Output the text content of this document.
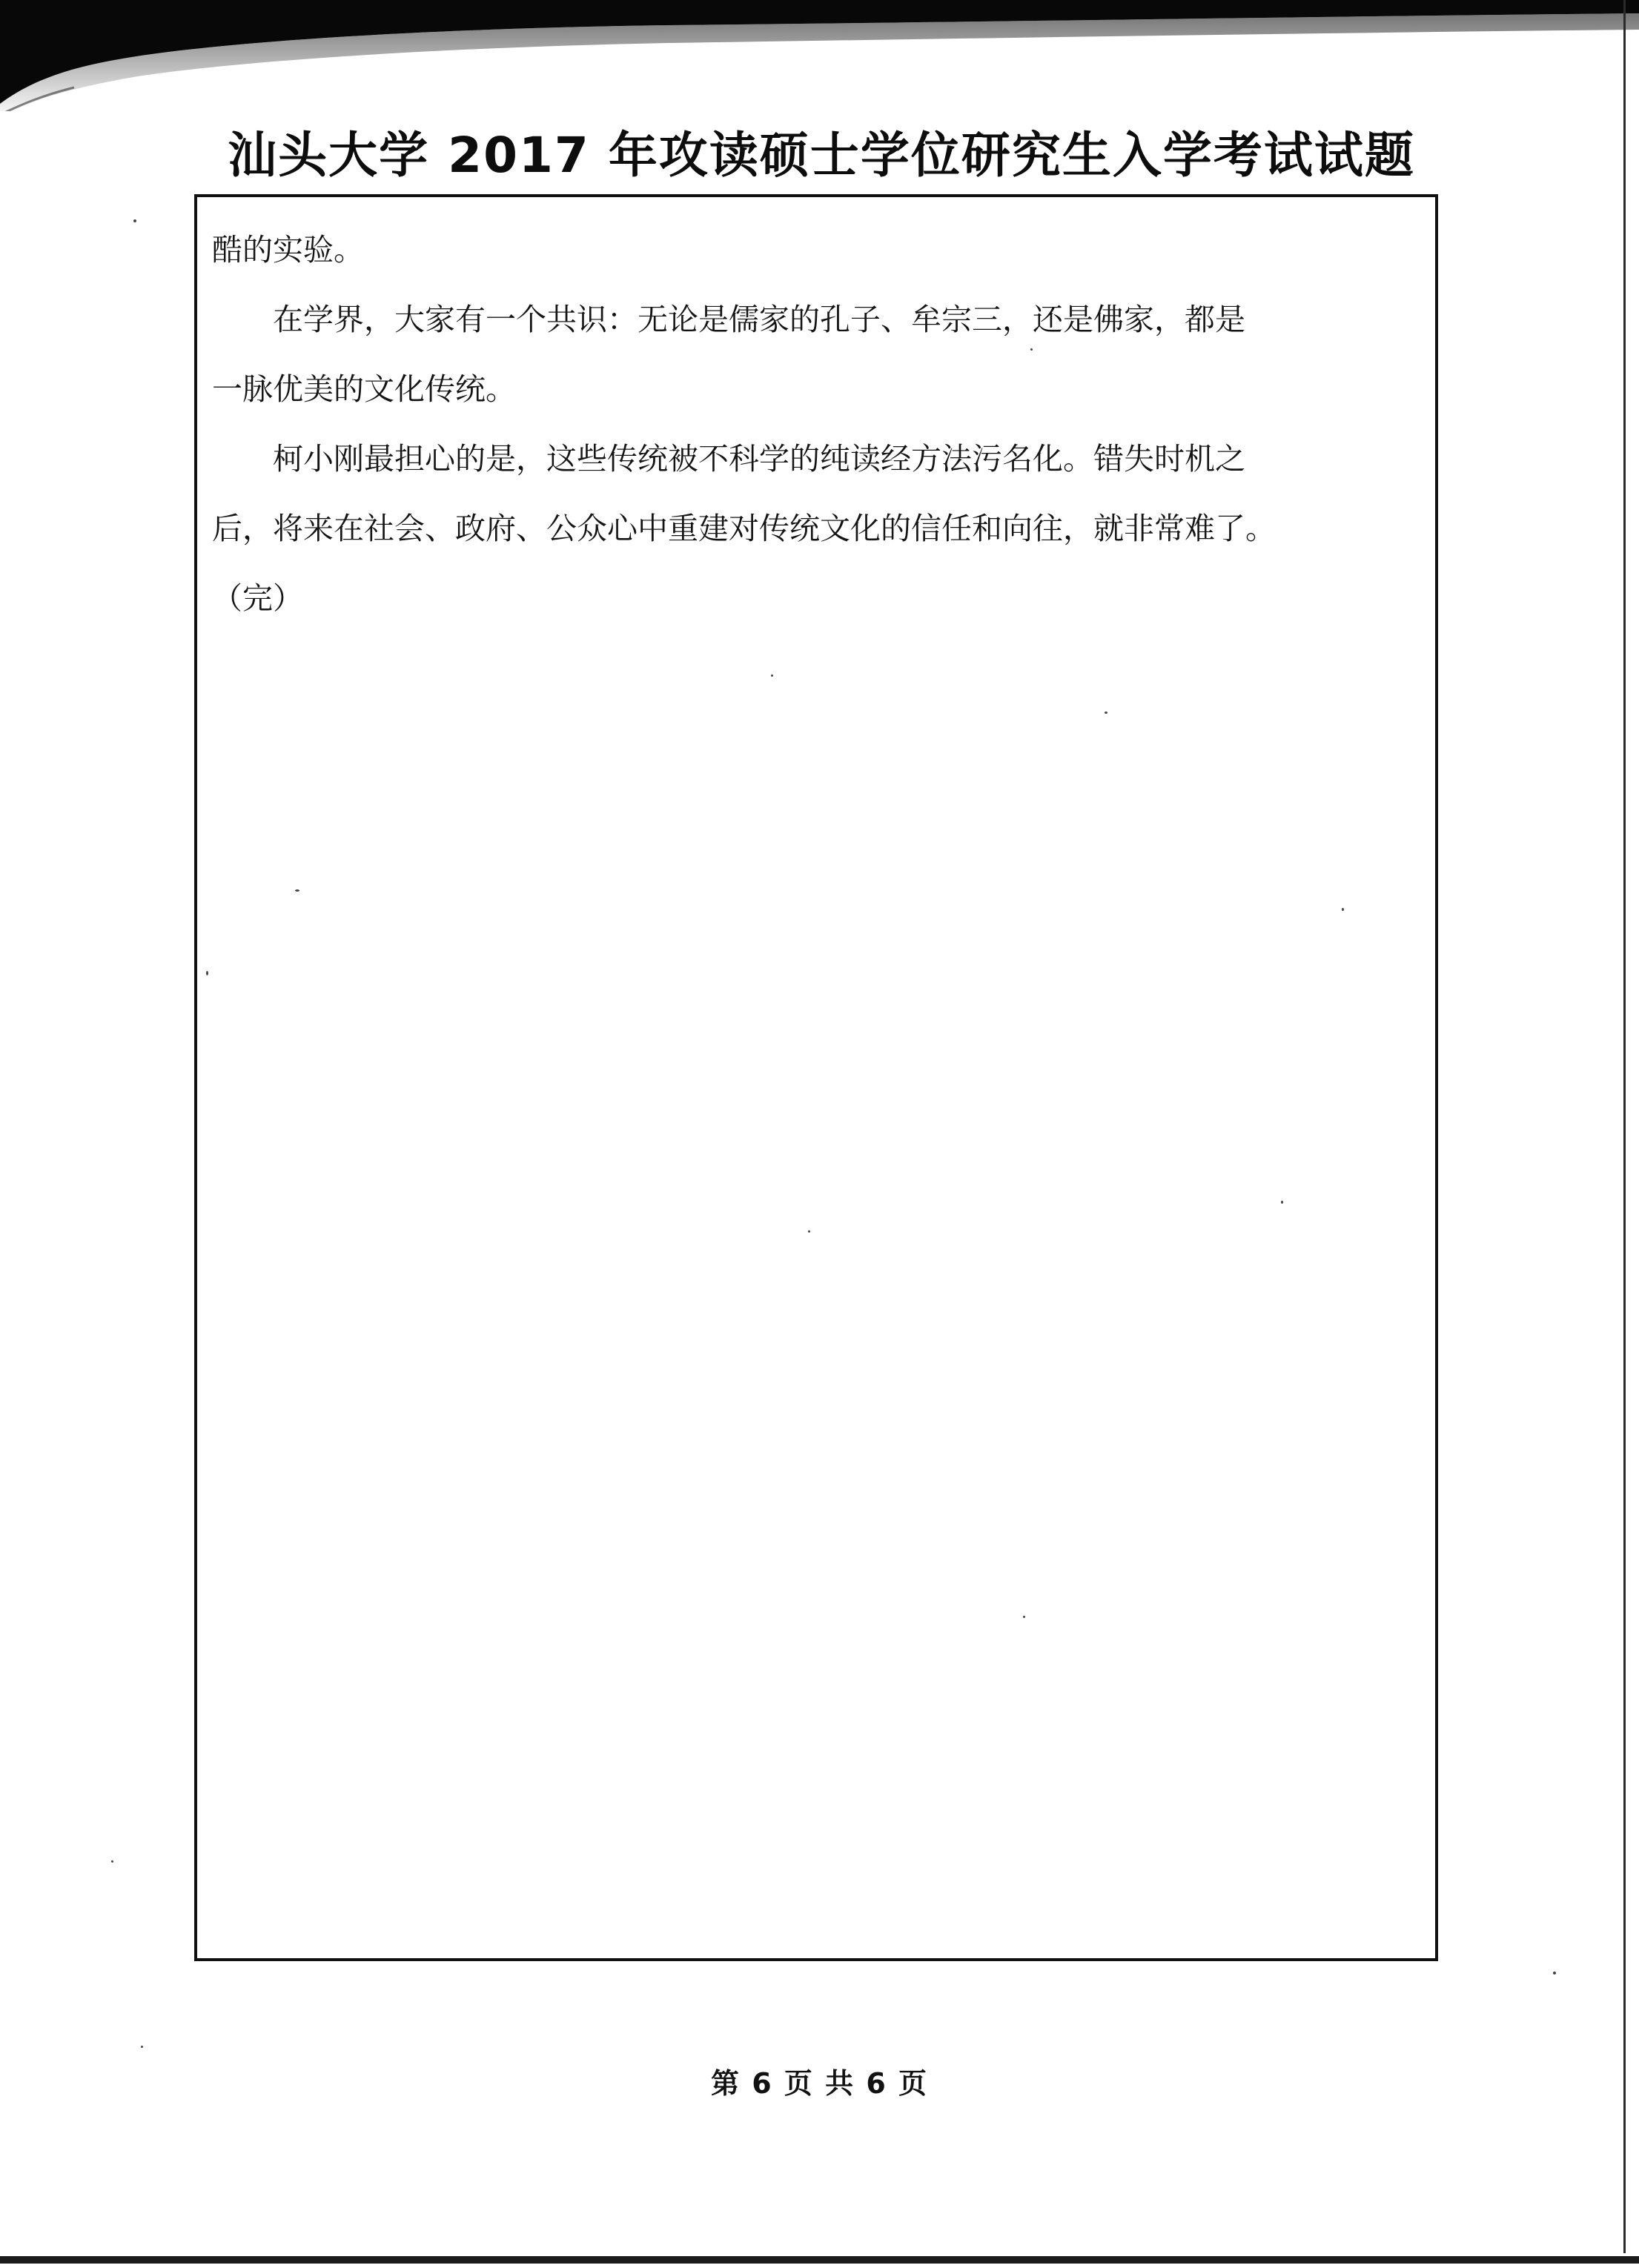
汕头大学 2017 年攻读硕士学位研究生入学考试试题

酷的实验。

在学界，大家有一个共识：无论是儒家的孔子、牟宗三，还是佛家，都是

一脉优美的文化传统。

柯小刚最担心的是，这些传统被不科学的纯读经方法污名化。错失时机之

后，将来在社会、政府、公众心中重建对传统文化的信任和向往，就非常难了。

（完）

第 6 页 共 6 页
